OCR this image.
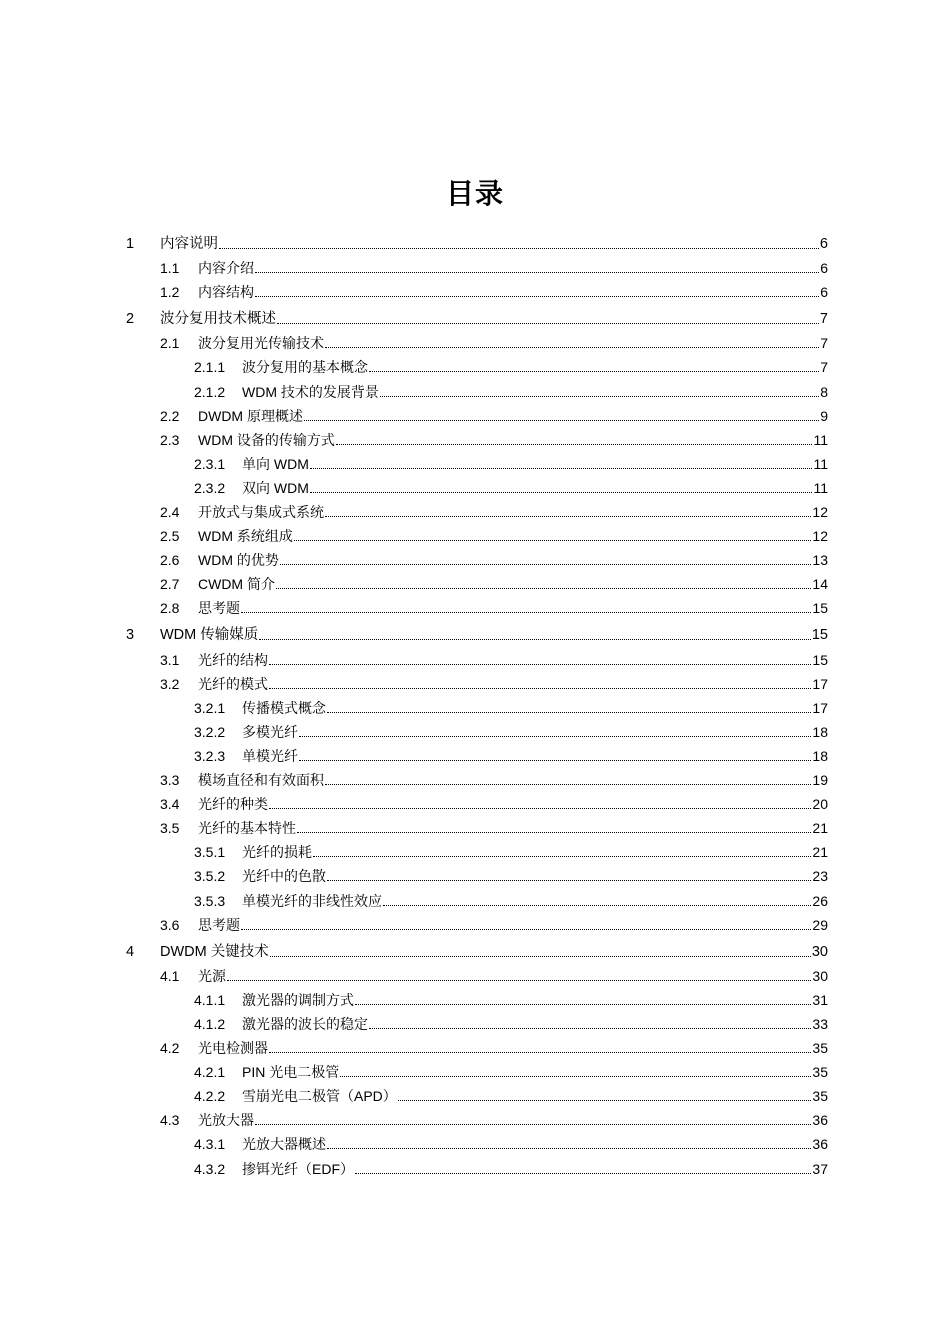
目录
1	内容说明	6
1.1	内容介绍	6
1.2	内容结构	6
2	波分复用技术概述	7
2.1	波分复用光传输技术	7
2.1.1	波分复用的基本概念	7
2.1.2	WDM 技术的发展背景	8
2.2	DWDM 原理概述	9
2.3	WDM 设备的传输方式	11
2.3.1	单向 WDM	11
2.3.2	双向 WDM	11
2.4	开放式与集成式系统	12
2.5	WDM 系统组成	12
2.6	WDM 的优势	13
2.7	CWDM 简介	14
2.8	思考题	15
3	WDM 传输媒质	15
3.1	光纤的结构	15
3.2	光纤的模式	17
3.2.1	传播模式概念	17
3.2.2	多模光纤	18
3.2.3	单模光纤	18
3.3	模场直径和有效面积	19
3.4	光纤的种类	20
3.5	光纤的基本特性	21
3.5.1	光纤的损耗	21
3.5.2	光纤中的色散	23
3.5.3	单模光纤的非线性效应	26
3.6	思考题	29
4	DWDM 关键技术	30
4.1	光源	30
4.1.1	激光器的调制方式	31
4.1.2	激光器的波长的稳定	33
4.2	光电检测器	35
4.2.1	PIN 光电二极管	35
4.2.2	雪崩光电二极管（APD）	35
4.3	光放大器	36
4.3.1	光放大器概述	36
4.3.2	掺铒光纤（EDF）	37
